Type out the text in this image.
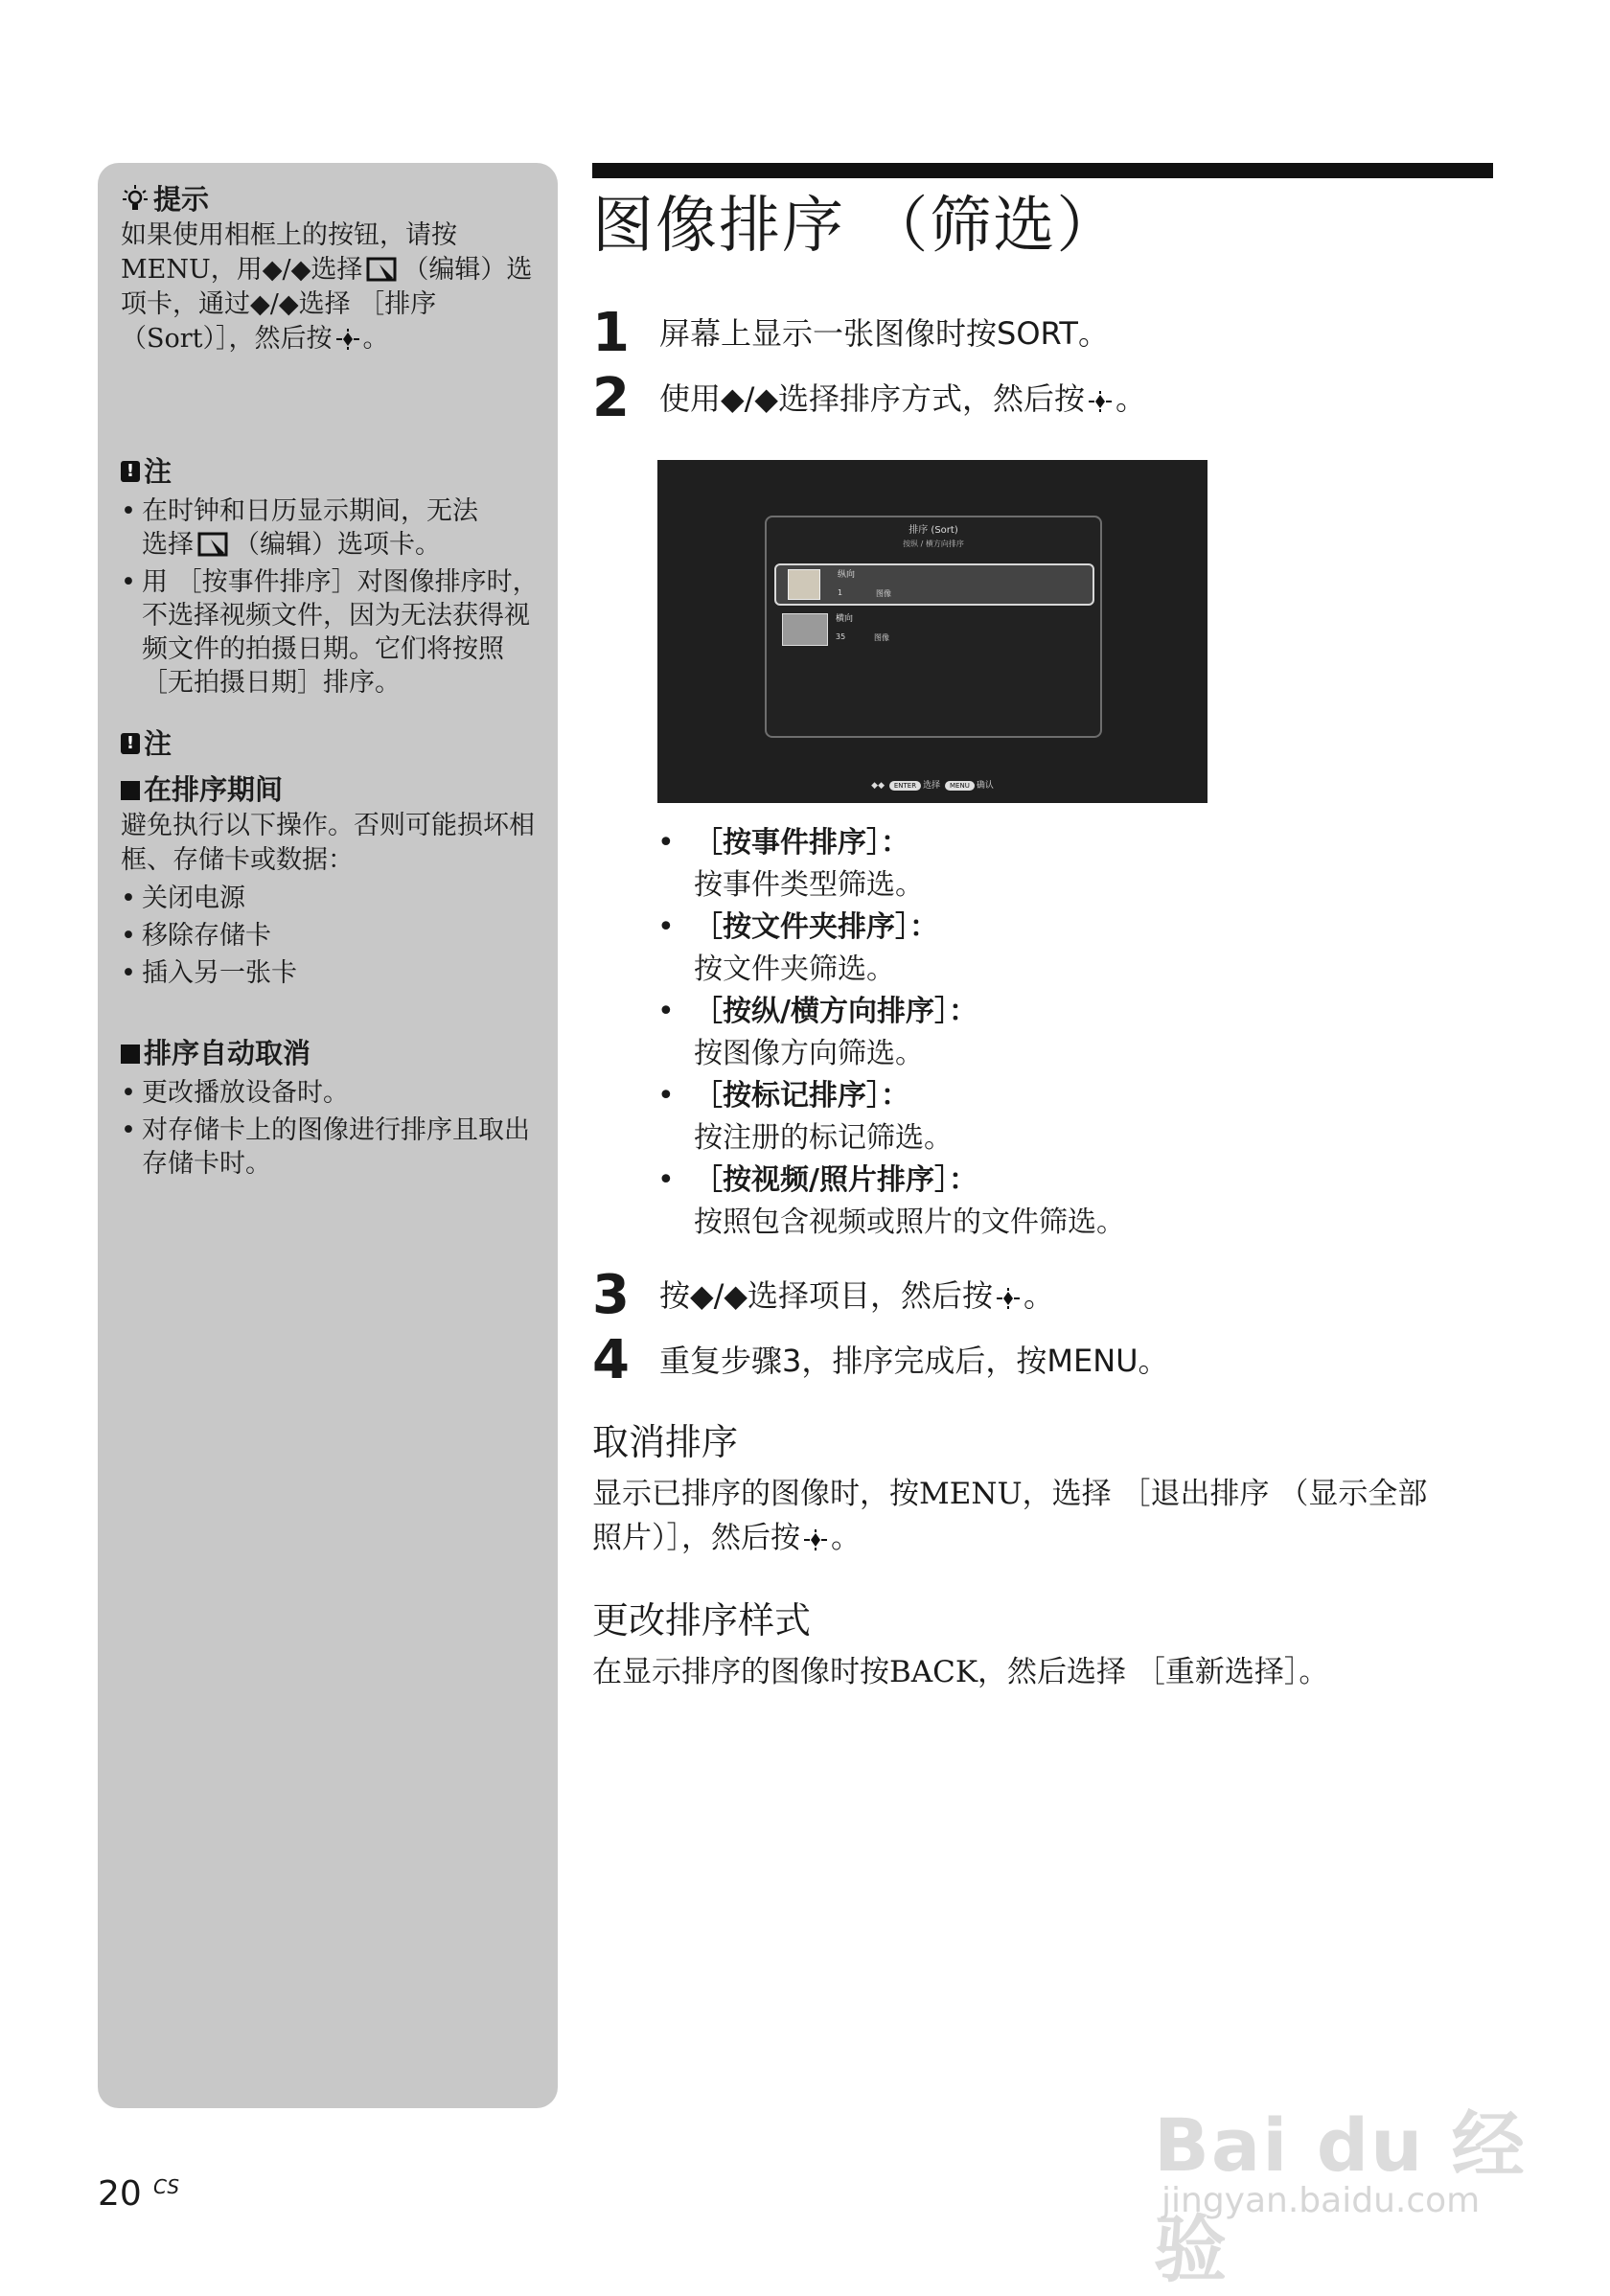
提示

如果使用相框上的按钮，请按
MENU，用◆/◆选择 （编辑）选
项卡，通过◆/◆选择 ［排序
（Sort）］，然后按 。

! 注
• 在时钟和日历显示期间，无法
选择 （编辑）选项卡。
• 用 ［按事件排序］对图像排序时，不选择视频文件，因为无法获得视频文件的拍摄日期。它们将按照 ［无拍摄日期］排序。
! 注
在排序期间

避免执行以下操作。否则可能损坏相框、存储卡或数据：

• 关闭电源
• 移除存储卡
• 插入另一张卡
排序自动取消
• 更改播放设备时。
• 对存储卡上的图像进行排序且取出存储卡时。
图像排序 （筛选）
1 屏幕上显示一张图像时按SORT。
2 使用◆/◆选择排序方式，然后按 。
排序 (Sort)
按纵 / 横方向排序
纵向
1	图像
横向
35	图像
◆◆ ENTER 选择 MENU 确认
• ［按事件排序］：
按事件类型筛选。
• ［按文件夹排序］：
按文件夹筛选。
• ［按纵/横方向排序］：
按图像方向筛选。
• ［按标记排序］：
按注册的标记筛选。
• ［按视频/照片排序］：
按照包含视频或照片的文件筛选。
3 按◆/◆选择项目，然后按 。
4 重复步骤3，排序完成后，按MENU。
取消排序
显示已排序的图像时，按MENU，选择 ［退出排序 （显示全部
照片）］，然后按 。
更改排序样式
在显示排序的图像时按BACK，然后选择 ［重新选择］。
20 CS	Bai du 经验
jingyan.baidu.com
